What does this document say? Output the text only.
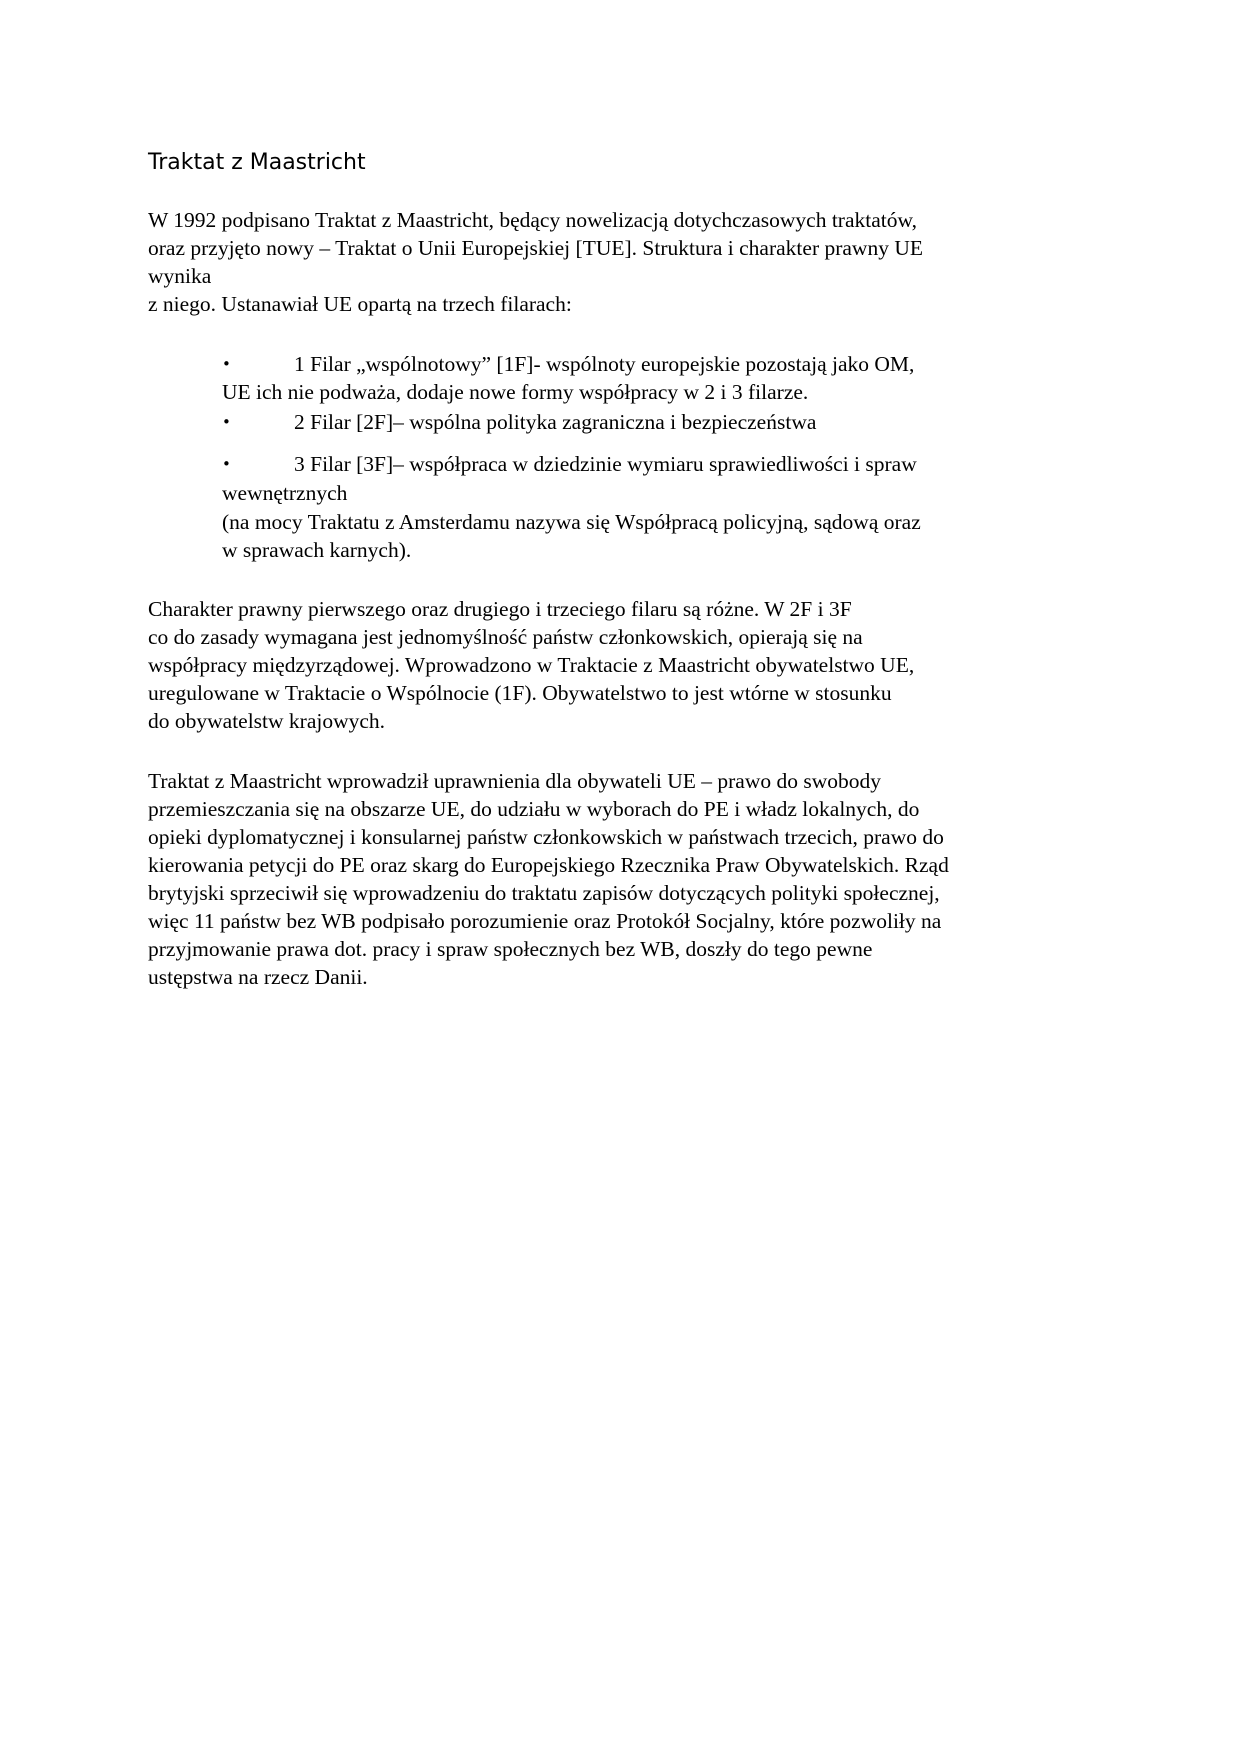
Traktat z Maastricht

W 1992 podpisano Traktat z Maastricht, będący nowelizacją dotychczasowych traktatów,

oraz przyjęto nowy – Traktat o Unii Europejskiej [TUE]. Struktura i charakter prawny UE

wynika

z niego. Ustanawiał UE opartą na trzech filarach:

•	1 Filar „wspólnotowy” [1F]- wspólnoty europejskie pozostają jako OM,

UE ich nie podważa, dodaje nowe formy współpracy w 2 i 3 filarze.

•	2 Filar [2F]– wspólna polityka zagraniczna i bezpieczeństwa

•	3 Filar [3F]– współpraca w dziedzinie wymiaru sprawiedliwości i spraw

wewnętrznych

(na mocy Traktatu z Amsterdamu nazywa się Współpracą policyjną, sądową oraz

w sprawach karnych).

Charakter prawny pierwszego oraz drugiego i trzeciego filaru są różne. W 2F i 3F

co do zasady wymagana jest jednomyślność państw członkowskich, opierają się na

współpracy międzyrządowej. Wprowadzono w Traktacie z Maastricht obywatelstwo UE,

uregulowane w Traktacie o Wspólnocie (1F). Obywatelstwo to jest wtórne w stosunku

do obywatelstw krajowych.

Traktat z Maastricht wprowadził uprawnienia dla obywateli UE – prawo do swobody

przemieszczania się na obszarze UE, do udziału w wyborach do PE i władz lokalnych, do

opieki dyplomatycznej i konsularnej państw członkowskich w państwach trzecich, prawo do

kierowania petycji do PE oraz skarg do Europejskiego Rzecznika Praw Obywatelskich. Rząd

brytyjski sprzeciwił się wprowadzeniu do traktatu zapisów dotyczących polityki społecznej,

więc 11 państw bez WB podpisało porozumienie oraz Protokół Socjalny, które pozwoliły na

przyjmowanie prawa dot. pracy i spraw społecznych bez WB, doszły do tego pewne

ustępstwa na rzecz Danii.
